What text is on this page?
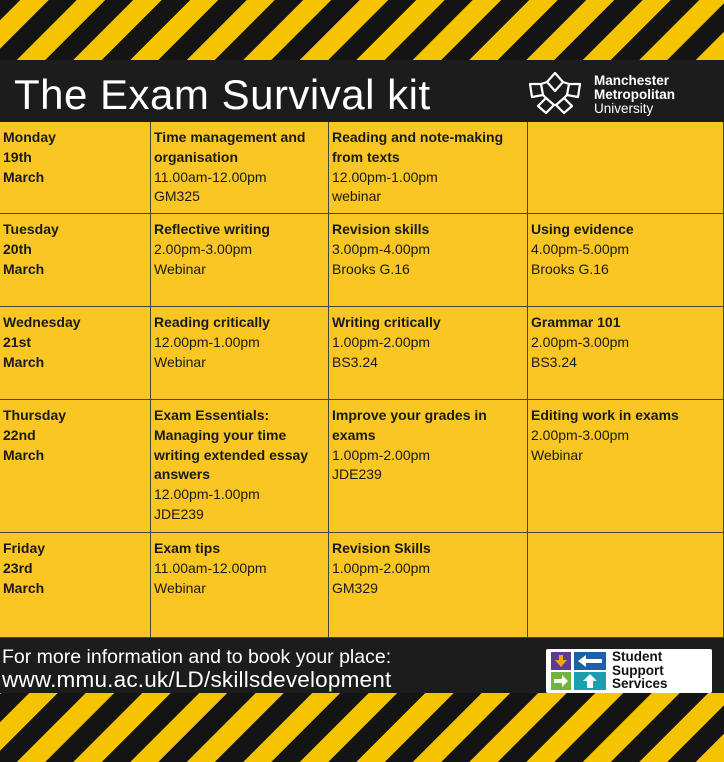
The Exam Survival kit	Manchester
Metropolitan
University
Monday
19th
March
Time management and
organisation
11.00am-12.00pm
GM325
Reading and note-making
from texts
12.00pm-1.00pm
webinar
Tuesday
20th
March
Reflective writing
2.00pm-3.00pm
Webinar
Revision skills
3.00pm-4.00pm
Brooks G.16
Using evidence
4.00pm-5.00pm
Brooks G.16
Wednesday
21st
March
Reading critically
12.00pm-1.00pm
Webinar
Writing critically
1.00pm-2.00pm
BS3.24
Grammar 101
2.00pm-3.00pm
BS3.24
Thursday
22nd
March
Exam Essentials:
Managing your time
writing extended essay
answers
12.00pm-1.00pm
JDE239
Improve your grades in
exams
1.00pm-2.00pm
JDE239
Editing work in exams
2.00pm-3.00pm
Webinar
Friday
23rd
March
Exam tips
11.00am-12.00pm
Webinar
Revision Skills
1.00pm-2.00pm
GM329
For more information and to book your place:
www.mmu.ac.uk/LD/skillsdevelopment
Student
Support
Services
